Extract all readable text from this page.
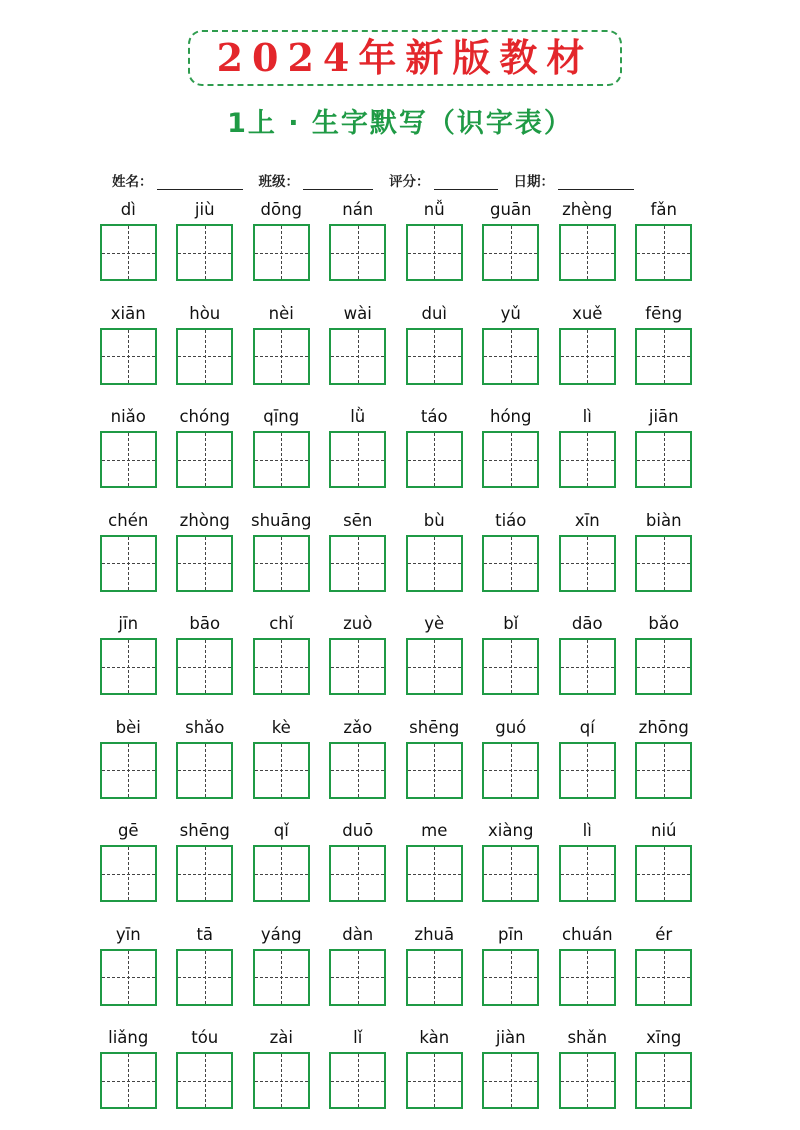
2024年新版教材
1上 · 生字默写（识字表）
姓名：	班级：	评分：	日期：
dì	jiù	dōng	nán	nǚ	guān	zhèng	fǎn
xiān	hòu	nèi	wài	duì	yǔ	xuě	fēng
niǎo	chóng	qīng	lǜ	táo	hóng	lì	jiān
chén	zhòng	shuāng	sēn	bù	tiáo	xīn	biàn
jīn	bāo	chǐ	zuò	yè	bǐ	dāo	bǎo
bèi	shǎo	kè	zǎo	shēng	guó	qí	zhōng
gē	shēng	qǐ	duō	me	xiàng	lì	niú
yīn	tā	yáng	dàn	zhuā	pīn	chuán	ér
liǎng	tóu	zài	lǐ	kàn	jiàn	shǎn	xīng
